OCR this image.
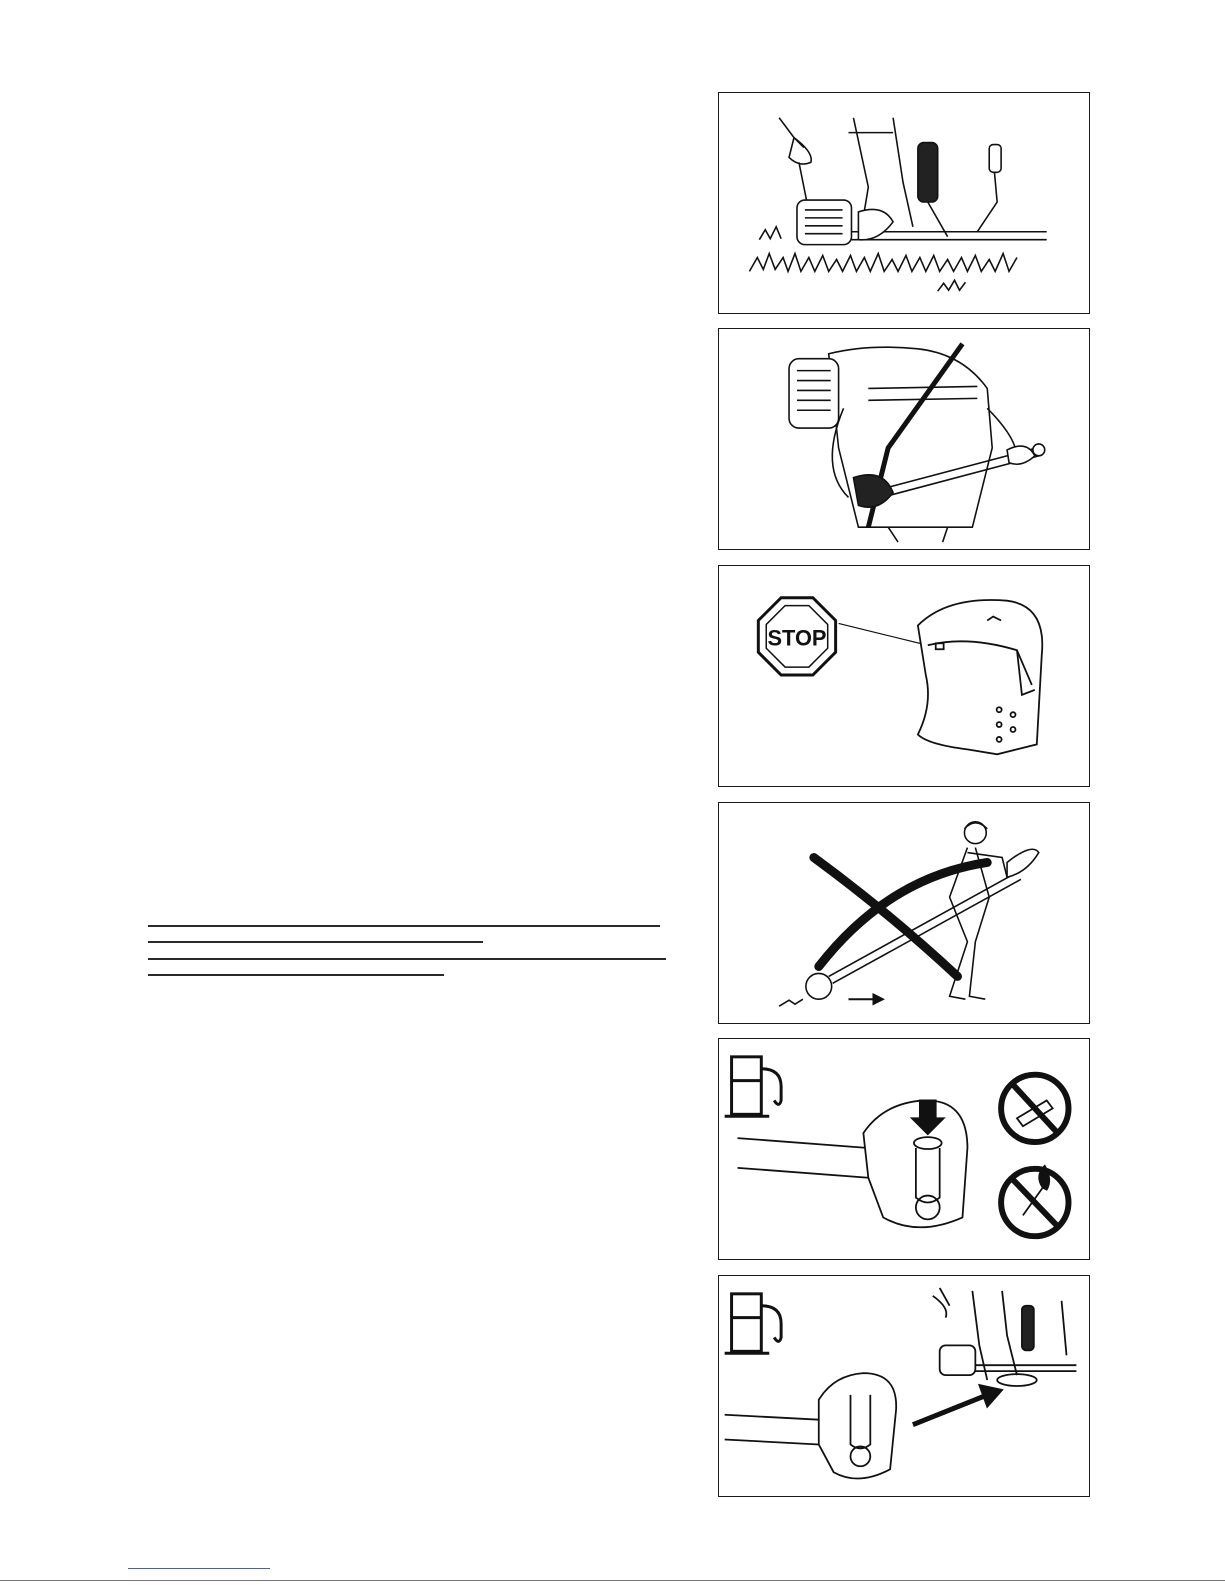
STOP
